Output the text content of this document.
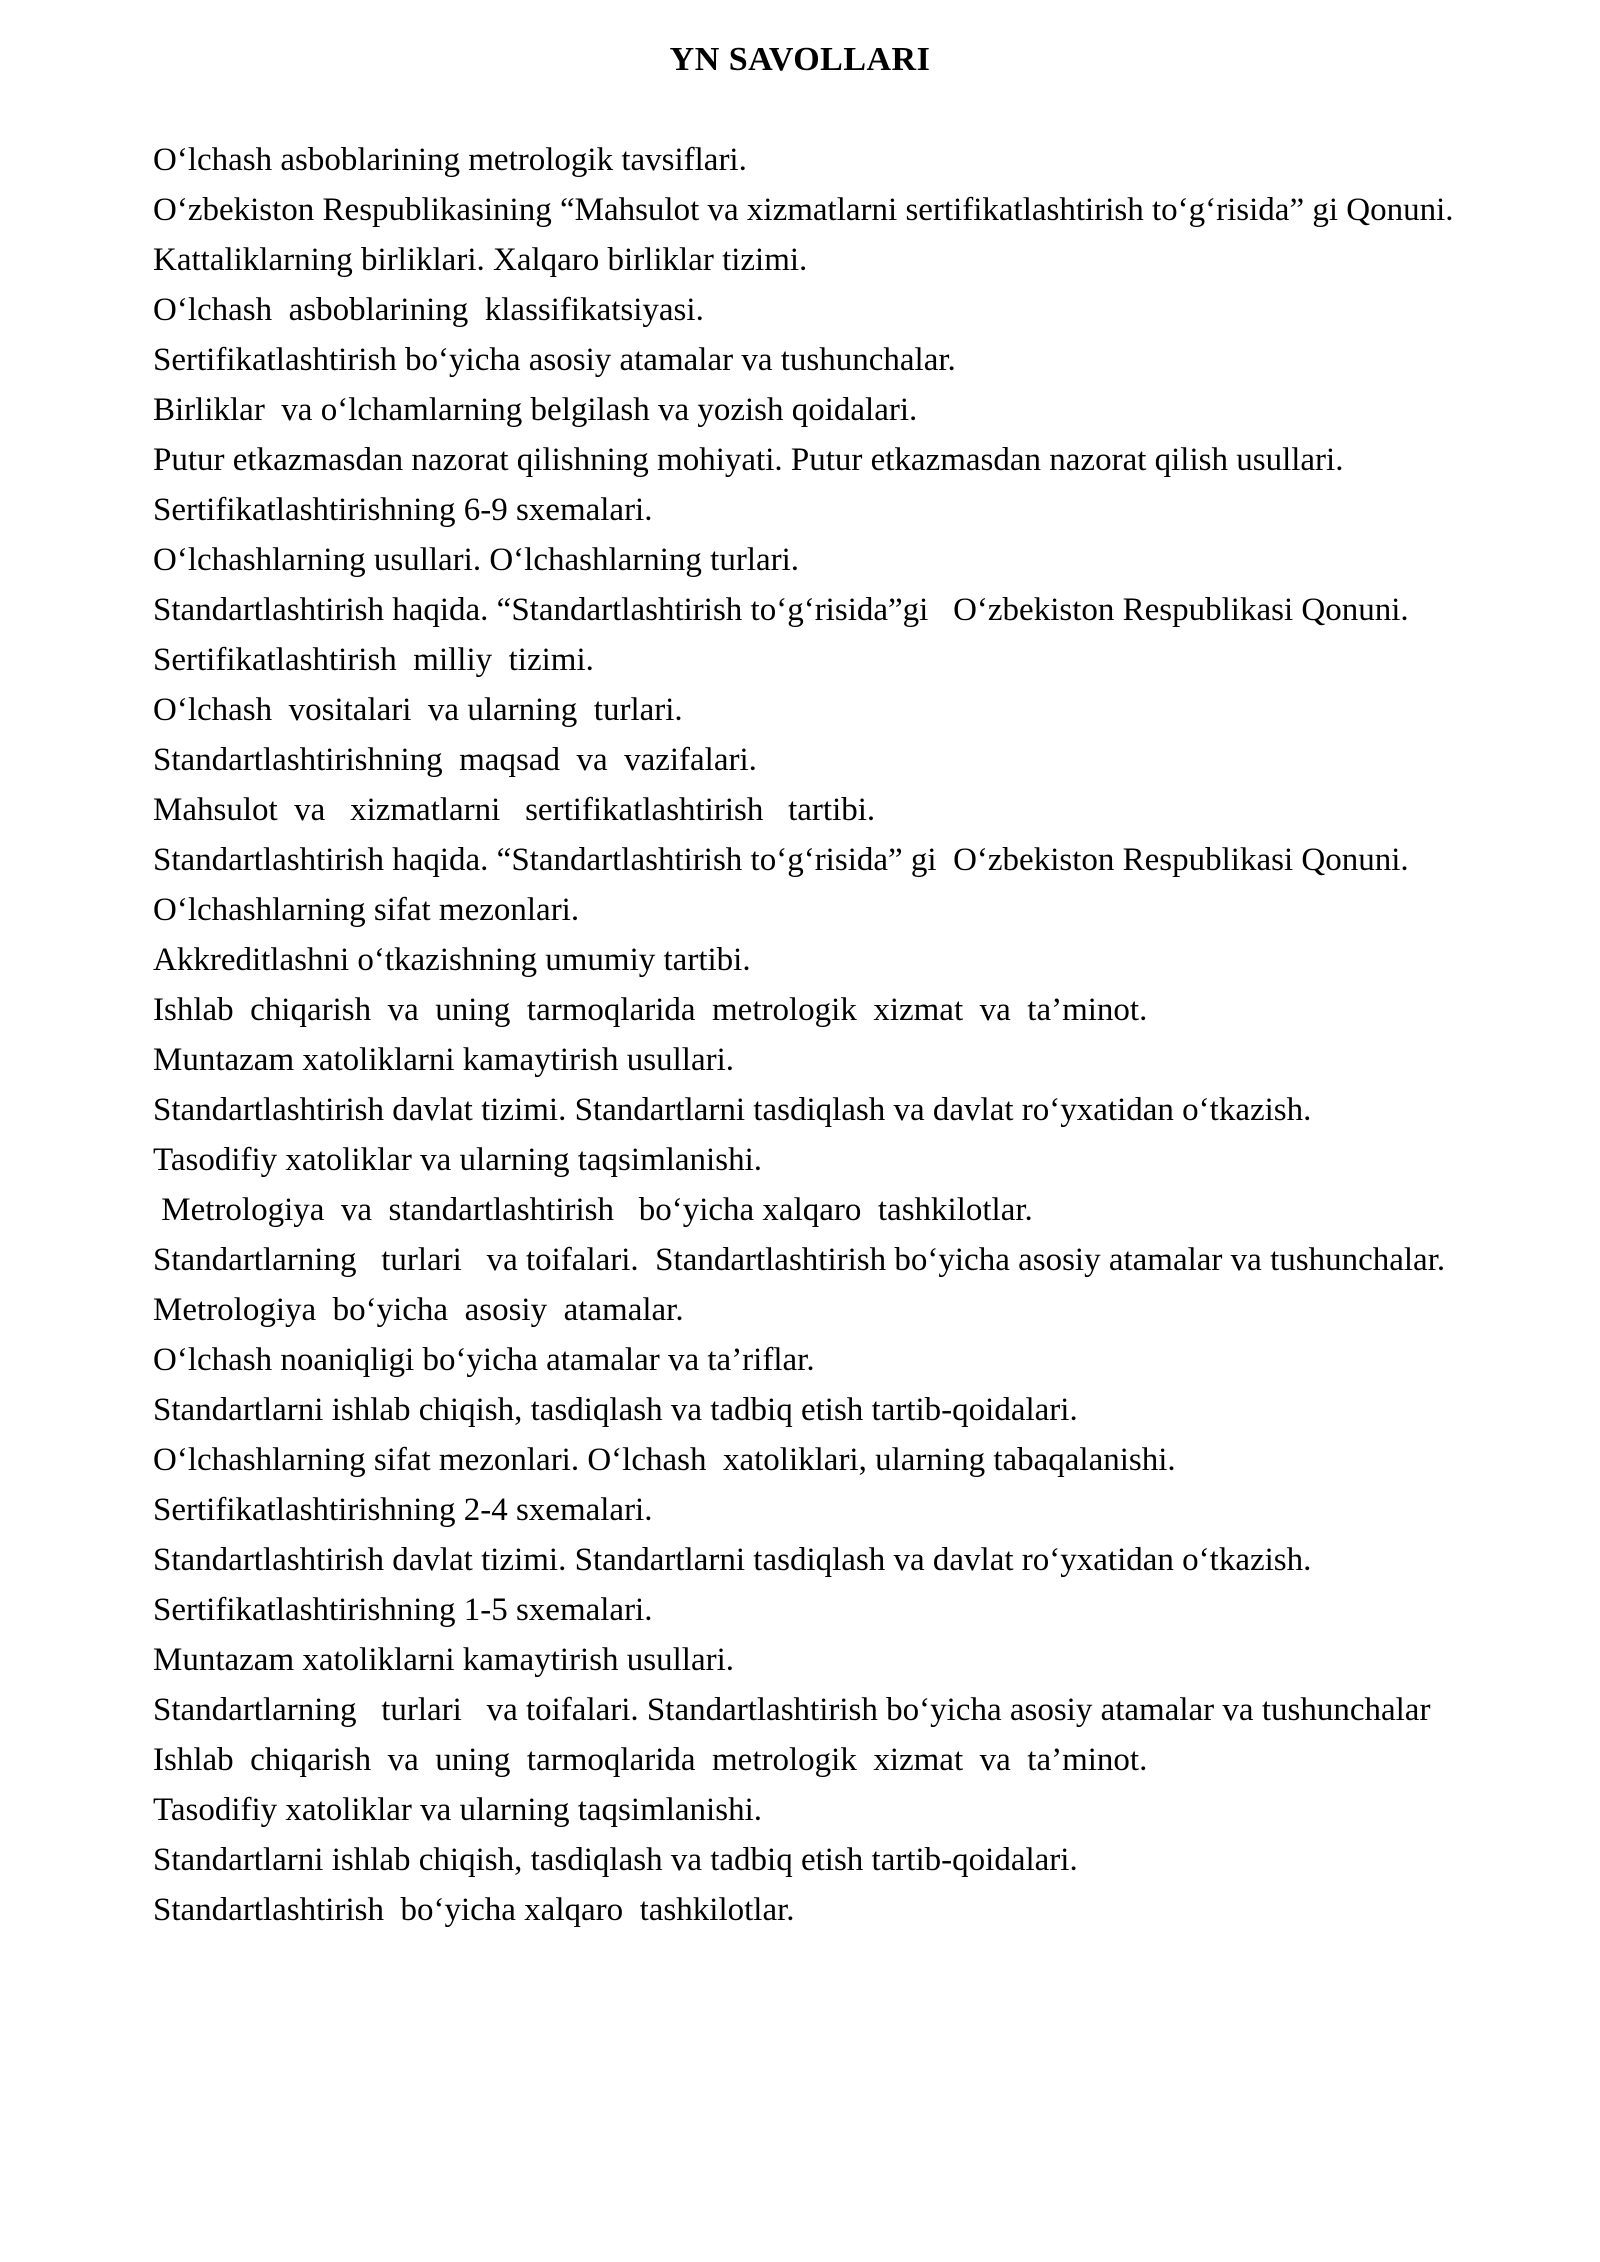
YN SAVOLLARI
O‘lchash asboblarining metrologik tavsiflari.
O‘zbekiston Respublikasining “Mahsulot va xizmatlarni sertifikatlashtirish to‘g‘risida” gi Qonuni.
Kattaliklarning birliklari. Xalqaro birliklar tizimi.
O‘lchash  asboblarining  klassifikatsiyasi.
Sertifikatlashtirish bo‘yicha asosiy atamalar va tushunchalar.
Birliklar  va o‘lchamlarning belgilash va yozish qoidalari.
Putur etkazmasdan nazorat qilishning mohiyati. Putur etkazmasdan nazorat qilish usullari.
Sertifikatlashtirishning 6-9 sxemalari.
O‘lchashlarning usullari. O‘lchashlarning turlari.
Standartlashtirish haqida. “Standartlashtirish to‘g‘risida”gi   O‘zbekiston Respublikasi Qonuni.
Sertifikatlashtirish  milliy  tizimi.
O‘lchash  vositalari  va ularning  turlari.
Standartlashtirishning  maqsad  va  vazifalari.
Mahsulot  va   xizmatlarni   sertifikatlashtirish   tartibi.
Standartlashtirish haqida. “Standartlashtirish to‘g‘risida” gi  O‘zbekiston Respublikasi Qonuni.
O‘lchashlarning sifat mezonlari.
Akkreditlashni o‘tkazishning umumiy tartibi.
Ishlab  chiqarish  va  uning  tarmoqlarida  metrologik  xizmat  va  ta’minot.
Muntazam xatoliklarni kamaytirish usullari.
Standartlashtirish davlat tizimi. Standartlarni tasdiqlash va davlat ro‘yxatidan o‘tkazish.
Tasodifiy xatoliklar va ularning taqsimlanishi.
Metrologiya  va  standartlashtirish   bo‘yicha xalqaro  tashkilotlar.
Standartlarning   turlari   va toifalari.  Standartlashtirish bo‘yicha asosiy atamalar va tushunchalar.
Metrologiya  bo‘yicha  asosiy  atamalar.
O‘lchash noaniqligi bo‘yicha atamalar va ta’riflar.
Standartlarni ishlab chiqish, tasdiqlash va tadbiq etish tartib-qoidalari.
O‘lchashlarning sifat mezonlari. O‘lchash  xatoliklari, ularning tabaqalanishi.
Sertifikatlashtirishning 2-4 sxemalari.
Standartlashtirish davlat tizimi. Standartlarni tasdiqlash va davlat ro‘yxatidan o‘tkazish.
Sertifikatlashtirishning 1-5 sxemalari.
Muntazam xatoliklarni kamaytirish usullari.
Standartlarning   turlari   va toifalari. Standartlashtirish bo‘yicha asosiy atamalar va tushunchalar
Ishlab  chiqarish  va  uning  tarmoqlarida  metrologik  xizmat  va  ta’minot.
Tasodifiy xatoliklar va ularning taqsimlanishi.
Standartlarni ishlab chiqish, tasdiqlash va tadbiq etish tartib-qoidalari.
Standartlashtirish  bo‘yicha xalqaro  tashkilotlar.
